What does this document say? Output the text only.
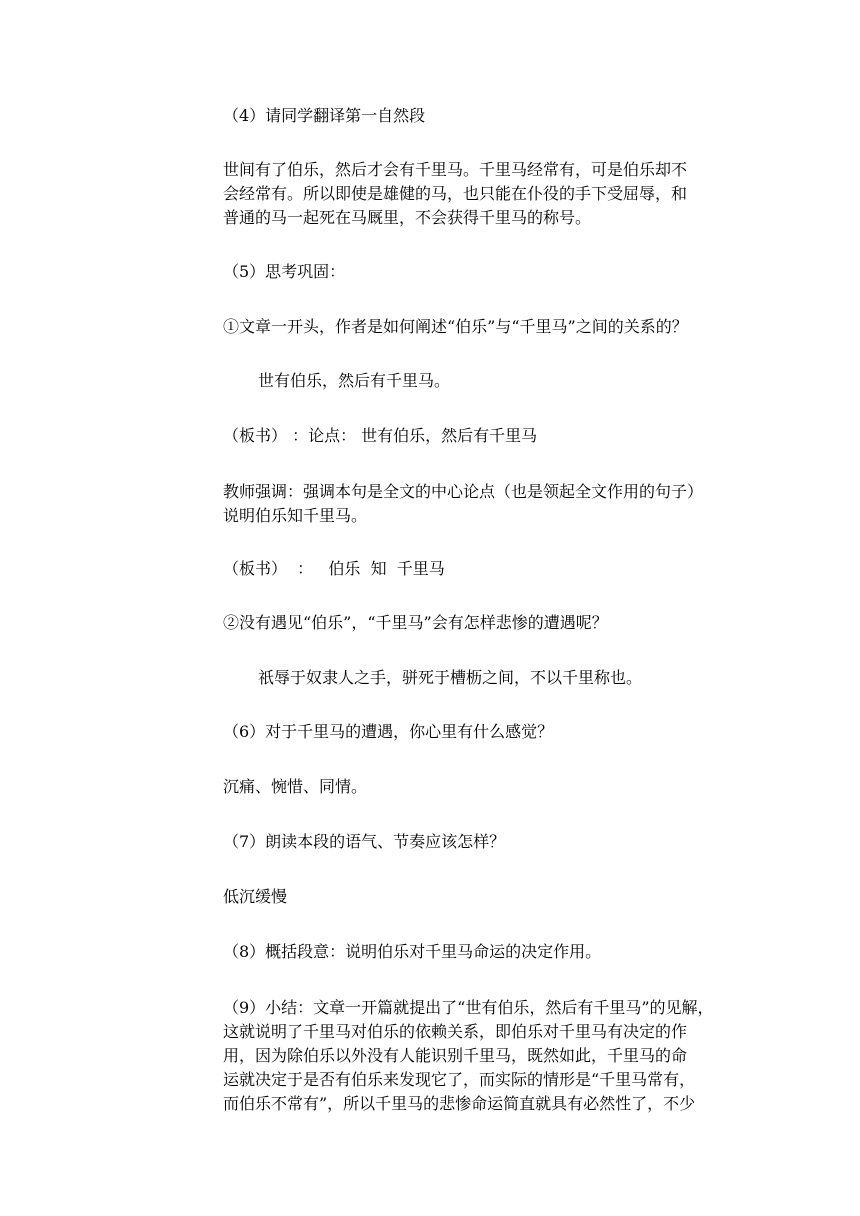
（4）请同学翻译第一自然段
世间有了伯乐，然后才会有千里马。千里马经常有，可是伯乐却不
会经常有。所以即使是雄健的马，也只能在仆役的手下受屈辱，和
普通的马一起死在马厩里，不会获得千里马的称号。
（5）思考巩固：
①文章一开头，作者是如何阐述“伯乐”与“千里马”之间的关系的？
世有伯乐，然后有千里马。
（板书） ：论点： 世有伯乐，然后有千里马
教师强调：强调本句是全文的中心论点（也是领起全文作用的句子）
说明伯乐知千里马。
（板书）  ：   伯乐  知  千里马
②没有遇见“伯乐”，“千里马”会有怎样悲惨的遭遇呢？
祇辱于奴隶人之手，骈死于槽枥之间，不以千里称也。
（6）对于千里马的遭遇，你心里有什么感觉？
沉痛、惋惜、同情。
（7）朗读本段的语气、节奏应该怎样？
低沉缓慢
（8）概括段意：说明伯乐对千里马命运的决定作用。
（9）小结：文章一开篇就提出了“世有伯乐，然后有千里马”的见解，
这就说明了千里马对伯乐的依赖关系，即伯乐对千里马有决定的作
用，因为除伯乐以外没有人能识别千里马，既然如此，千里马的命
运就决定于是否有伯乐来发现它了，而实际的情形是“千里马常有，
而伯乐不常有”，所以千里马的悲惨命运简直就具有必然性了，不少
